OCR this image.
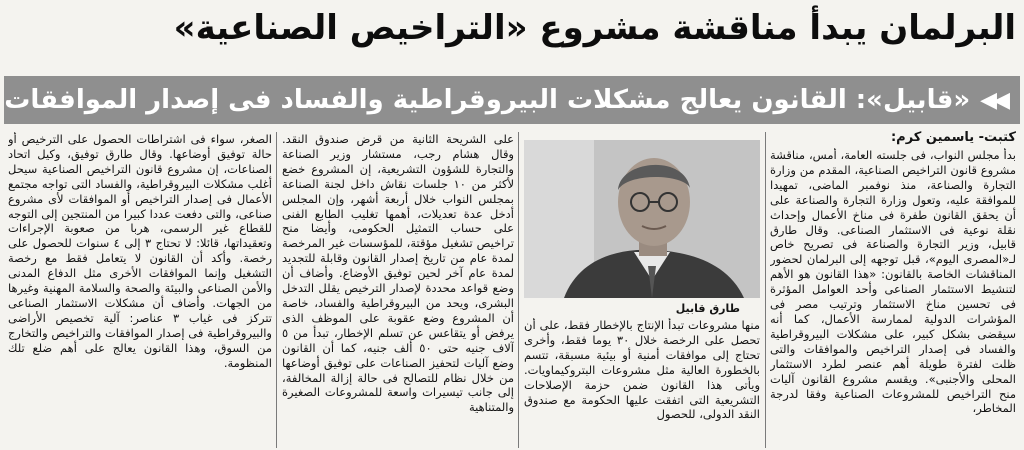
البرلمان يبدأ مناقشة مشروع «التراخيص الصناعية»
◀◀
«قابيل»: القانون يعالج مشكلات البيروقراطية والفساد فى إصدار الموافقات
كتبت- ياسمين كرم:

بدأ مجلس النواب، فى جلسته العامة، أمس، مناقشة مشروع قانون التراخيص الصناعية، المقدم من وزارة التجارة والصناعة، منذ نوفمبر الماضى، تمهيدا للموافقة عليه، وتعول وزارة التجارة والصناعة على أن يحقق القانون طفرة فى مناخ الأعمال وإحداث نقلة نوعية فى الاستثمار الصناعى. وقال طارق قابيل، وزير التجارة والصناعة فى تصريح خاص لـ«المصرى اليوم»، قبل توجهه إلى البرلمان لحضور المناقشات الخاصة بالقانون: «هذا القانون هو الأهم لتنشيط الاستثمار الصناعى وأحد العوامل المؤثرة فى تحسين مناخ الاستثمار وترتيب مصر فى المؤشرات الدولية لممارسة الأعمال، كما أنه سيقضى بشكل كبير، على مشكلات البيروقراطية والفساد فى إصدار التراخيص والموافقات والتى ظلت لفترة طويلة أهم عنصر لطرد الاستثمار المحلى والأجنبى». ويقسم مشروع القانون آليات منح التراخيص للمشروعات الصناعية وفقا لدرجة المخاطر،

طارق قابيل

منها مشروعات تبدأ الإنتاج بالإخطار فقط، على أن تحصل على الرخصة خلال ٣٠ يوما فقط، وأخرى تحتاج إلى موافقات أمنية أو بيئية مسبقة، تتسم بالخطورة العالية مثل مشروعات البتروكيماويات. ويأتى هذا القانون ضمن حزمة الإصلاحات التشريعية التى اتفقت عليها الحكومة مع صندوق النقد الدولى، للحصول

على الشريحة الثانية من قرض صندوق النقد. وقال هشام رجب، مستشار وزير الصناعة والتجارة للشؤون التشريعية، إن المشروع خضع لأكثر من ١٠ جلسات نقاش داخل لجنة الصناعة بمجلس النواب خلال أربعة أشهر، وإن المجلس أدخل عدة تعديلات، أهمها تغليب الطابع الفنى على حساب التمثيل الحكومى، وأيضا منح تراخيص تشغيل مؤقتة، للمؤسسات غير المرخصة لمدة عام من تاريخ إصدار القانون وقابلة للتجديد لمدة عام آخر لحين توفيق الأوضاع. وأضاف أن وضع قواعد محددة لإصدار الترخيص يقلل التدخل البشرى، ويحد من البيروقراطية والفساد، خاصة أن المشروع وضع عقوبة على الموظف الذى يرفض أو يتقاعس عن تسلم الإخطار، تبدأ من ٥ آلاف جنيه حتى ٥٠ ألف جنيه، كما أن القانون وضع آليات لتحفيز الصناعات على توفيق أوضاعها من خلال نظام للتصالح فى حالة إزالة المخالفة، إلى جانب تيسيرات واسعة للمشروعات الصغيرة والمتناهية

الصغر، سواء فى اشتراطات الحصول على الترخيص أو حالة توفيق أوضاعها. وقال طارق توفيق، وكيل اتحاد الصناعات، إن مشروع قانون التراخيص الصناعية سيحل أغلب مشكلات البيروقراطية، والفساد التى تواجه مجتمع الأعمال فى إصدار التراخيص أو الموافقات لأى مشروع صناعى، والتى دفعت عددا كبيرا من المنتجين إلى التوجه للقطاع غير الرسمى، هربا من صعوبة الإجراءات وتعقيداتها، قائلا: لا تحتاج ٣ إلى ٤ سنوات للحصول على رخصة. وأكد أن القانون لا يتعامل فقط مع رخصة التشغيل وإنما الموافقات الأخرى مثل الدفاع المدنى والأمن الصناعى والبيئة والصحة والسلامة المهنية وغيرها من الجهات. وأضاف أن مشكلات الاستثمار الصناعى تتركز فى غياب ٣ عناصر: آلية تخصيص الأراضى والبيروقراطية فى إصدار الموافقات والتراخيص والتخارج من السوق، وهذا القانون يعالج على أهم ضلع تلك المنظومة.
